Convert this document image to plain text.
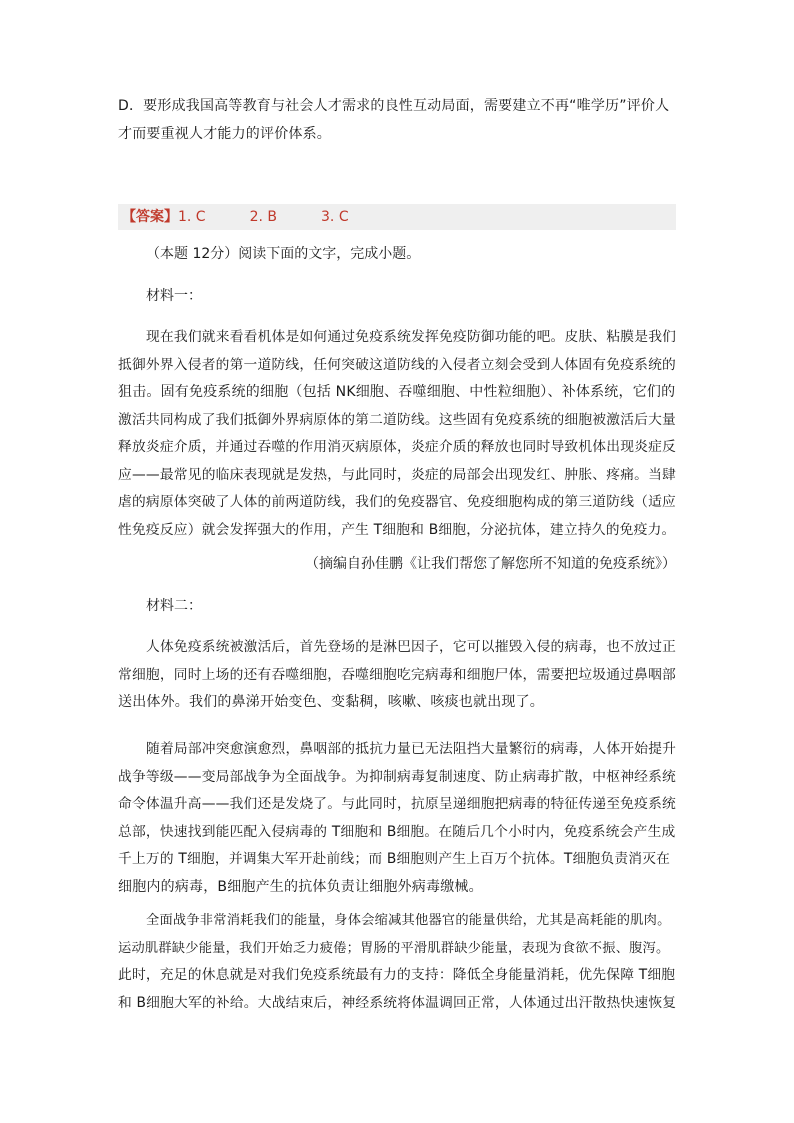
D．要形成我国高等教育与社会人才需求的良性互动局面，需要建立不再“唯学历”评价人
才而要重视人才能力的评价体系。

【答案】1. C	2. B	3. C

（本题 12分）阅读下面的文字，完成小题。

材料一：

现在我们就来看看机体是如何通过免疫系统发挥免疫防御功能的吧。皮肤、粘膜是我们
抵御外界入侵者的第一道防线，任何突破这道防线的入侵者立刻会受到人体固有免疫系统的
狙击。固有免疫系统的细胞（包括 NK细胞、吞噬细胞、中性粒细胞）、补体系统，它们的
激活共同构成了我们抵御外界病原体的第二道防线。这些固有免疫系统的细胞被激活后大量
释放炎症介质，并通过吞噬的作用消灭病原体，炎症介质的释放也同时导致机体出现炎症反
应——最常见的临床表现就是发热，与此同时，炎症的局部会出现发红、肿胀、疼痛。当肆
虐的病原体突破了人体的前两道防线，我们的免疫器官、免疫细胞构成的第三道防线（适应
性免疫反应）就会发挥强大的作用，产生 T细胞和 B细胞，分泌抗体，建立持久的免疫力。

（摘编自孙佳鹏《让我们帮您了解您所不知道的免疫系统》）

材料二：

人体免疫系统被激活后，首先登场的是淋巴因子，它可以摧毁入侵的病毒，也不放过正
常细胞，同时上场的还有吞噬细胞，吞噬细胞吃完病毒和细胞尸体，需要把垃圾通过鼻咽部
送出体外。我们的鼻涕开始变色、变黏稠，咳嗽、咳痰也就出现了。

随着局部冲突愈演愈烈，鼻咽部的抵抗力量已无法阻挡大量繁衍的病毒，人体开始提升
战争等级——变局部战争为全面战争。为抑制病毒复制速度、防止病毒扩散，中枢神经系统
命令体温升高——我们还是发烧了。与此同时，抗原呈递细胞把病毒的特征传递至免疫系统
总部，快速找到能匹配入侵病毒的 T细胞和 B细胞。在随后几个小时内，免疫系统会产生成
千上万的 T细胞，并调集大军开赴前线；而 B细胞则产生上百万个抗体。T细胞负责消灭在
细胞内的病毒，B细胞产生的抗体负责让细胞外病毒缴械。

全面战争非常消耗我们的能量，身体会缩减其他器官的能量供给，尤其是高耗能的肌肉。
运动肌群缺少能量，我们开始乏力疲倦；胃肠的平滑肌群缺少能量，表现为食欲不振、腹泻。
此时，充足的休息就是对我们免疫系统最有力的支持：降低全身能量消耗，优先保障 T细胞
和 B细胞大军的补给。大战结束后，神经系统将体温调回正常，人体通过出汗散热快速恢复
